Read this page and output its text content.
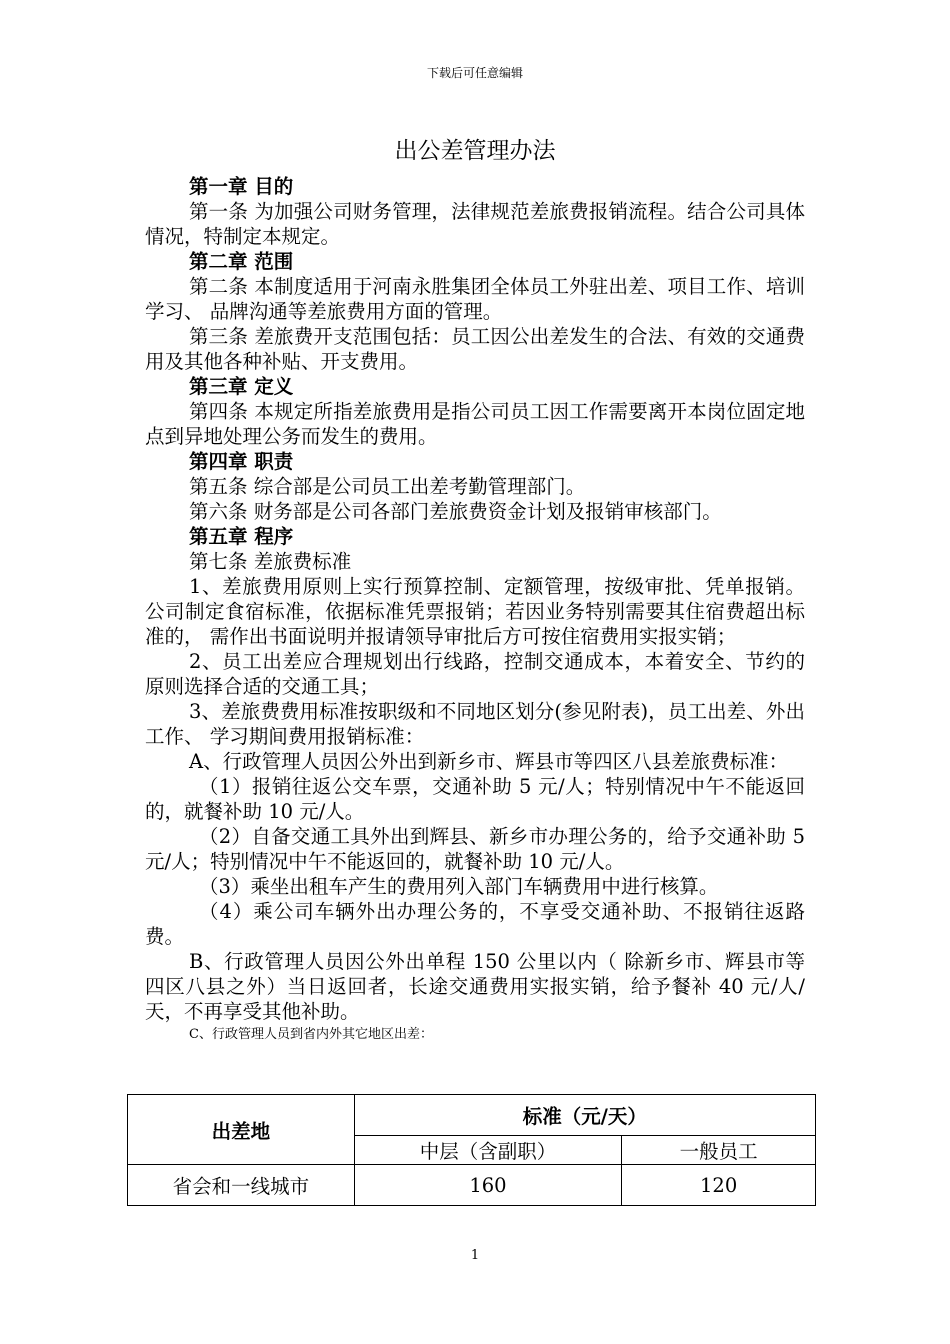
下载后可任意编辑
出公差管理办法

第一章 目的

第一条 为加强公司财务管理，法律规范差旅费报销流程。结合公司具体情况，特制定本规定。

第二章 范围

第二条 本制度适用于河南永胜集团全体员工外驻出差、项目工作、培训学习、 品牌沟通等差旅费用方面的管理。

第三条 差旅费开支范围包括：员工因公出差发生的合法、有效的交通费用及其他各种补贴、开支费用。

第三章 定义

第四条 本规定所指差旅费用是指公司员工因工作需要离开本岗位固定地点到异地处理公务而发生的费用。

第四章 职责

第五条 综合部是公司员工出差考勤管理部门。

第六条 财务部是公司各部门差旅费资金计划及报销审核部门。

第五章 程序

第七条 差旅费标准

1、差旅费用原则上实行预算控制、定额管理，按级审批、凭单报销。公司制定食宿标准，依据标准凭票报销；若因业务特别需要其住宿费超出标准的， 需作出书面说明并报请领导审批后方可按住宿费用实报实销；

2、员工出差应合理规划出行线路，控制交通成本，本着安全、节约的原则选择合适的交通工具；

3、差旅费费用标准按职级和不同地区划分(参见附表)，员工出差、外出工作、 学习期间费用报销标准：

A、行政管理人员因公外出到新乡市、辉县市等四区八县差旅费标准：

（1）报销往返公交车票，交通补助 5 元/人；特别情况中午不能返回的，就餐补助 10 元/人。

（2）自备交通工具外出到辉县、新乡市办理公务的，给予交通补助 5 元/人；特别情况中午不能返回的，就餐补助 10 元/人。

（3）乘坐出租车产生的费用列入部门车辆费用中进行核算。

（4）乘公司车辆外出办理公务的，不享受交通补助、不报销往返路费。

B、行政管理人员因公外出单程 150 公里以内（ 除新乡市、辉县市等四区八县之外）当日返回者，长途交通费用实报实销，给予餐补 40 元/人/天，不再享受其他补助。

C、行政管理人员到省内外其它地区出差：

出差地	标准（元/天）	
	中层（含副职）	一般员工
省会和一线城市	160	120
1
